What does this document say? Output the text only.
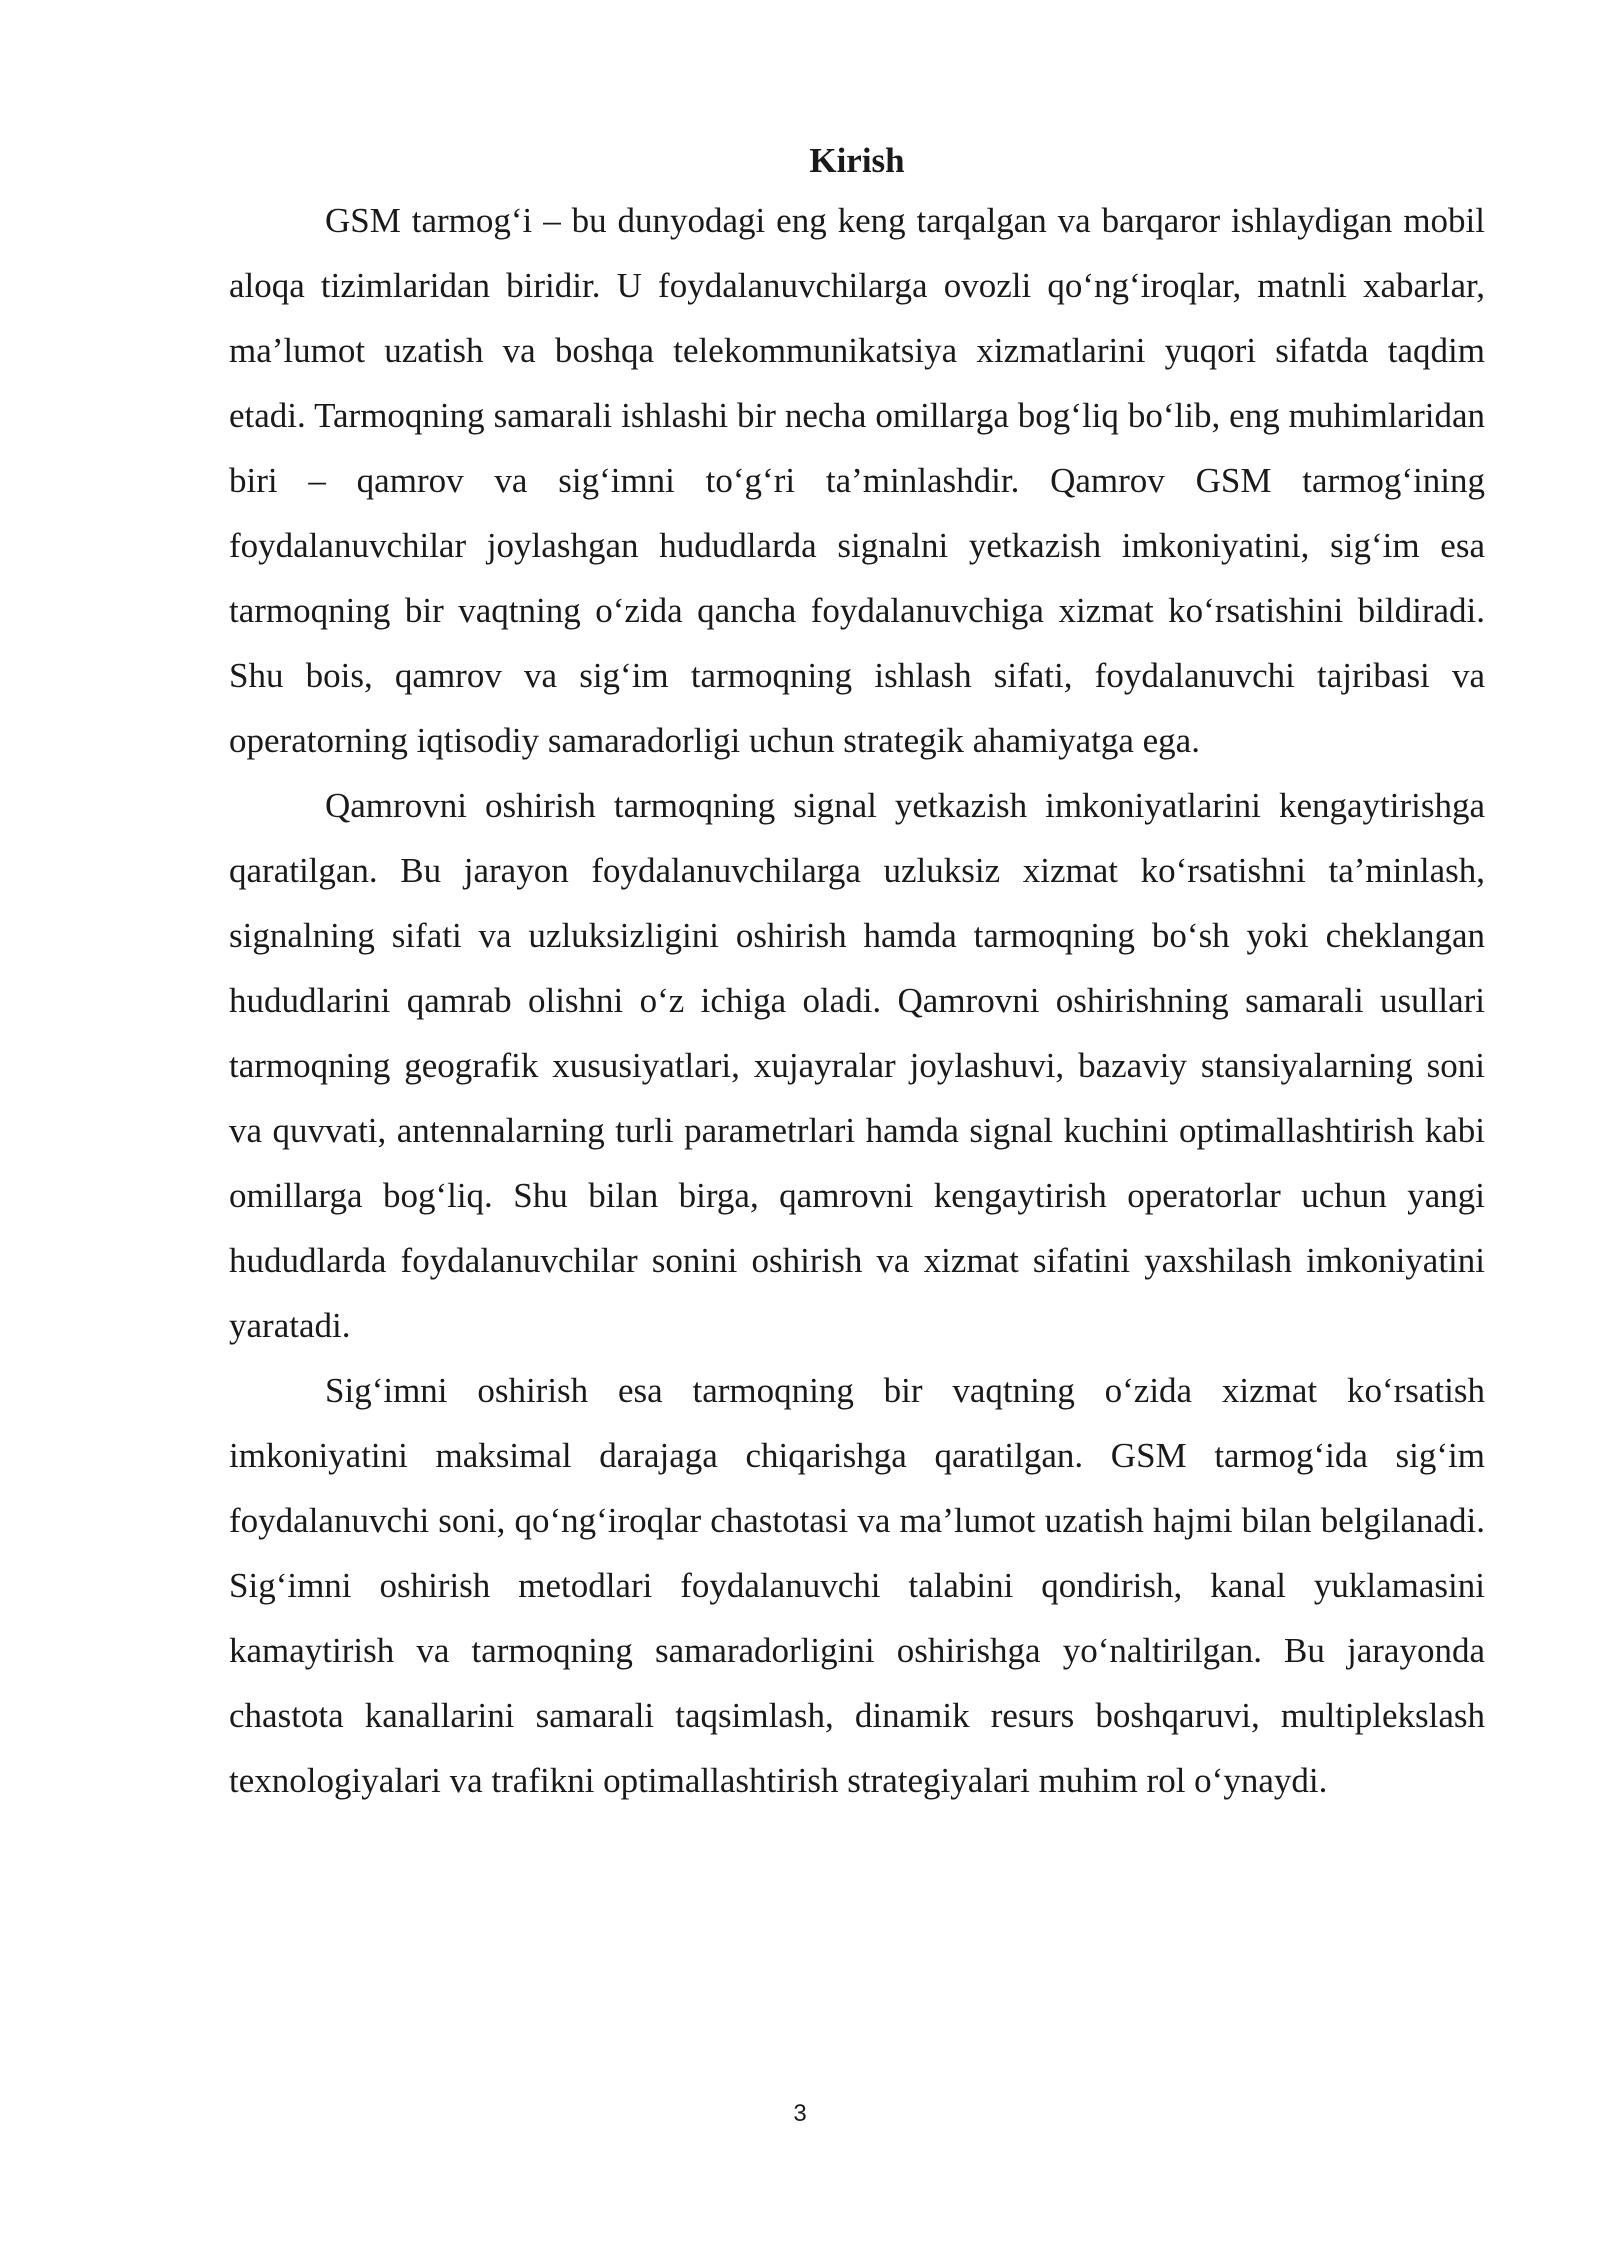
Kirish

GSM tarmog‘i – bu dunyodagi eng keng tarqalgan va barqaror ishlaydigan mobil aloqa tizimlaridan biridir. U foydalanuvchilarga ovozli qo‘ng‘iroqlar, matnli xabarlar, ma’lumot uzatish va boshqa telekommunikatsiya xizmatlarini yuqori sifatda taqdim etadi. Tarmoqning samarali ishlashi bir necha omillarga bog‘liq bo‘lib, eng muhimlaridan biri – qamrov va sig‘imni to‘g‘ri ta’minlashdir. Qamrov GSM tarmog‘ining foydalanuvchilar joylashgan hududlarda signalni yetkazish imkoniyatini, sig‘im esa tarmoqning bir vaqtning o‘zida qancha foydalanuvchiga xizmat ko‘rsatishini bildiradi. Shu bois, qamrov va sig‘im tarmoqning ishlash sifati, foydalanuvchi tajribasi va operatorning iqtisodiy samaradorligi uchun strategik ahamiyatga ega.

Qamrovni oshirish tarmoqning signal yetkazish imkoniyatlarini kengaytirishga qaratilgan. Bu jarayon foydalanuvchilarga uzluksiz xizmat ko‘rsatishni ta’minlash, signalning sifati va uzluksizligini oshirish hamda tarmoqning bo‘sh yoki cheklangan hududlarini qamrab olishni o‘z ichiga oladi. Qamrovni oshirishning samarali usullari tarmoqning geografik xususiyatlari, xujayralar joylashuvi, bazaviy stansiyalarning soni va quvvati, antennalarning turli parametrlari hamda signal kuchini optimallashtirish kabi omillarga bog‘liq. Shu bilan birga, qamrovni kengaytirish operatorlar uchun yangi hududlarda foydalanuvchilar sonini oshirish va xizmat sifatini yaxshilash imkoniyatini yaratadi.

Sig‘imni oshirish esa tarmoqning bir vaqtning o‘zida xizmat ko‘rsatish imkoniyatini maksimal darajaga chiqarishga qaratilgan. GSM tarmog‘ida sig‘im foydalanuvchi soni, qo‘ng‘iroqlar chastotasi va ma’lumot uzatish hajmi bilan belgilanadi. Sig‘imni oshirish metodlari foydalanuvchi talabini qondirish, kanal yuklamasini kamaytirish va tarmoqning samaradorligini oshirishga yo‘naltirilgan. Bu jarayonda chastota kanallarini samarali taqsimlash, dinamik resurs boshqaruvi, multiplekslash texnologiyalari va trafikni optimallashtirish strategiyalari muhim rol o‘ynaydi.

3
